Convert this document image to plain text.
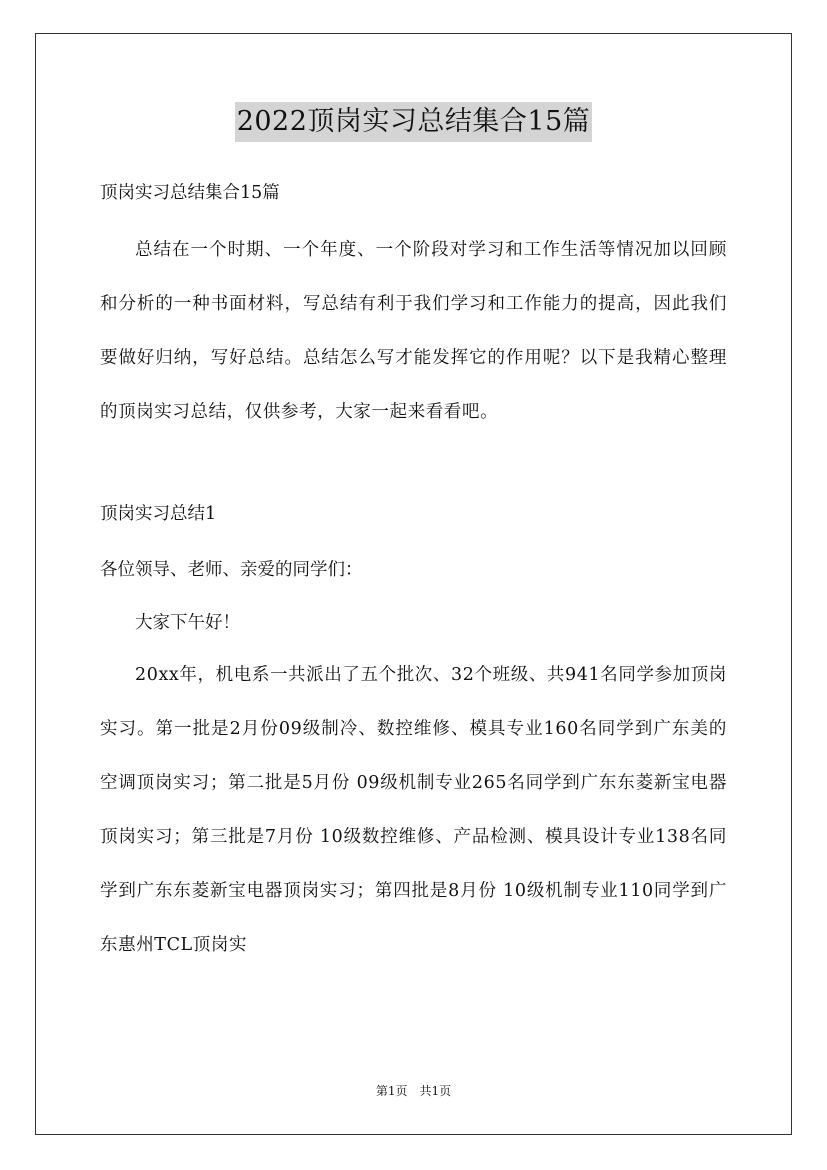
2022顶岗实习总结集合15篇
顶岗实习总结集合15篇
总结在一个时期、一个年度、一个阶段对学习和工作生活等情况加以回顾和分析的一种书面材料，写总结有利于我们学习和工作能力的提高，因此我们要做好归纳，写好总结。总结怎么写才能发挥它的作用呢？以下是我精心整理的顶岗实习总结，仅供参考，大家一起来看看吧。
顶岗实习总结1
各位领导、老师、亲爱的同学们：
大家下午好！
20xx年，机电系一共派出了五个批次、32个班级、共941名同学参加顶岗实习。第一批是2月份09级制冷、数控维修、模具专业160名同学到广东美的空调顶岗实习；第二批是5月份 09级机制专业265名同学到广东东菱新宝电器顶岗实习；第三批是7月份 10级数控维修、产品检测、模具设计专业138名同学到广东东菱新宝电器顶岗实习；第四批是8月份 10级机制专业110同学到广东惠州TCL顶岗实
第1页　共1页
